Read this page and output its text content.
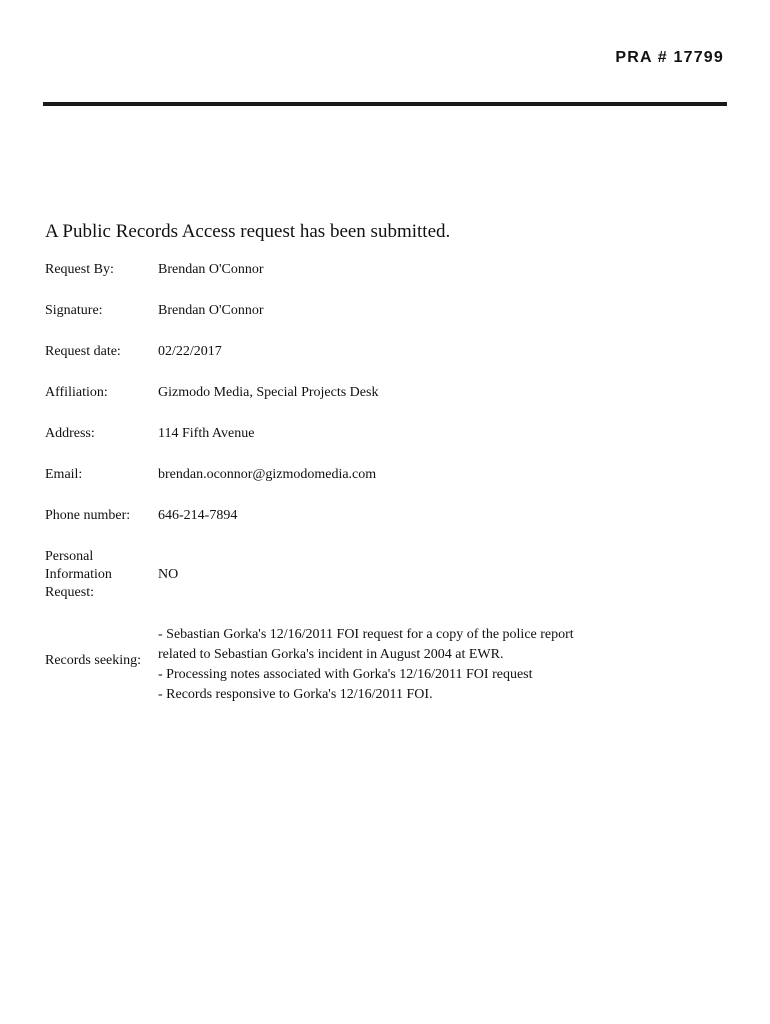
PRA # 17799
A Public Records Access request has been submitted.
Request By:	Brendan O'Connor
Signature:	Brendan O'Connor
Request date:	02/22/2017
Affiliation:	Gizmodo Media, Special Projects Desk
Address:	114 Fifth Avenue
Email:	brendan.oconnor@gizmodomedia.com
Phone number: 646-214-7894
Personal
Information
Request:
NO
Records seeking:
- Sebastian Gorka's 12/16/2011 FOI request for a copy of the police report
related to Sebastian Gorka's incident in August 2004 at EWR.
- Processing notes associated with Gorka's 12/16/2011 FOI request
- Records responsive to Gorka's 12/16/2011 FOI.
